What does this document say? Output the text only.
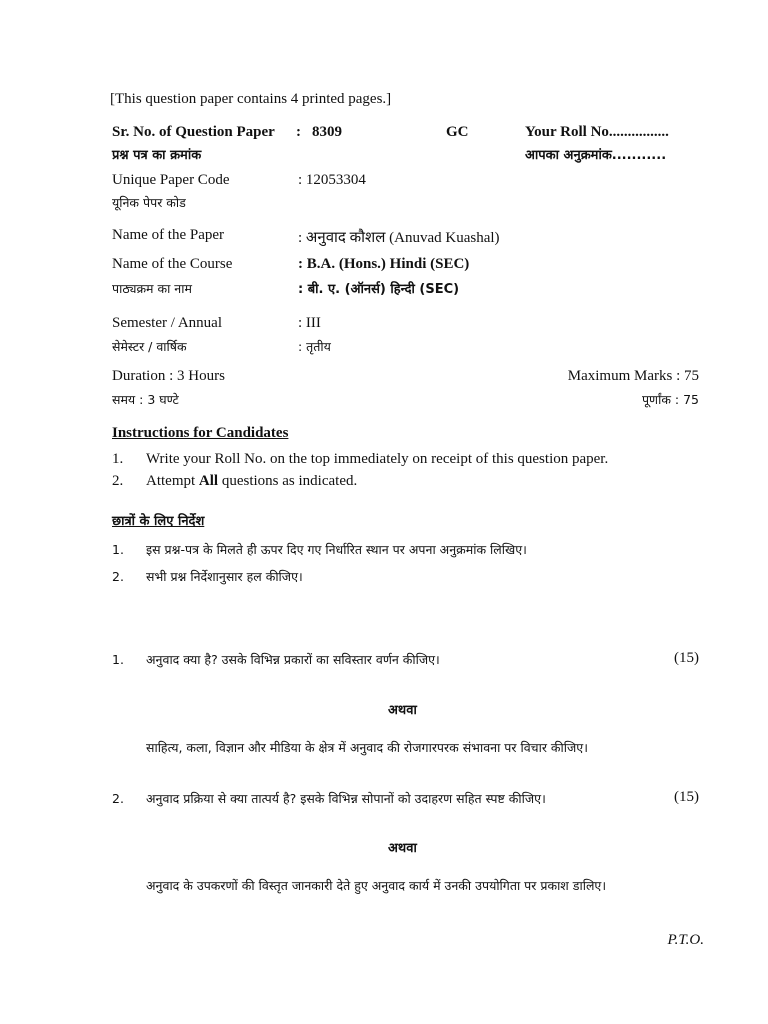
[This question paper contains 4 printed pages.]
Sr. No. of Question Paper : 8309	GC	Your Roll No................
प्रश्न पत्र का क्रमांक	आपका अनुक्रमांक...........
Unique Paper Code	: 12053304
यूनिक पेपर कोड
Name of the Paper	: अनुवाद कौशल (Anuvad Kuashal)
Name of the Course	: B.A. (Hons.) Hindi (SEC)
पाठ्यक्रम का नाम	: बी. ए. (ऑनर्स) हिन्दी (SEC)
Semester / Annual	: III
सेमेस्टर / वार्षिक	: तृतीय
Duration : 3 Hours	Maximum Marks : 75
समय : 3 घण्टे	पूर्णांक : 75
Instructions for Candidates
1. Write your Roll No. on the top immediately on receipt of this question paper.
2. Attempt All questions as indicated.
छात्रों के लिए निर्देश
1. इस प्रश्न-पत्र के मिलते ही ऊपर दिए गए निर्धारित स्थान पर अपना अनुक्रमांक लिखिए।
2. सभी प्रश्न निर्देशानुसार हल कीजिए।
1. अनुवाद क्या है? उसके विभिन्न प्रकारों का सविस्तार वर्णन कीजिए।	(15)
अथवा
साहित्य, कला, विज्ञान और मीडिया के क्षेत्र में अनुवाद की रोजगारपरक संभावना पर विचार कीजिए।
2. अनुवाद प्रक्रिया से क्या तात्पर्य है? इसके विभिन्न सोपानों को उदाहरण सहित स्पष्ट कीजिए।	(15)
अथवा
अनुवाद के उपकरणों की विस्तृत जानकारी देते हुए अनुवाद कार्य में उनकी उपयोगिता पर प्रकाश डालिए।
P.T.O.
